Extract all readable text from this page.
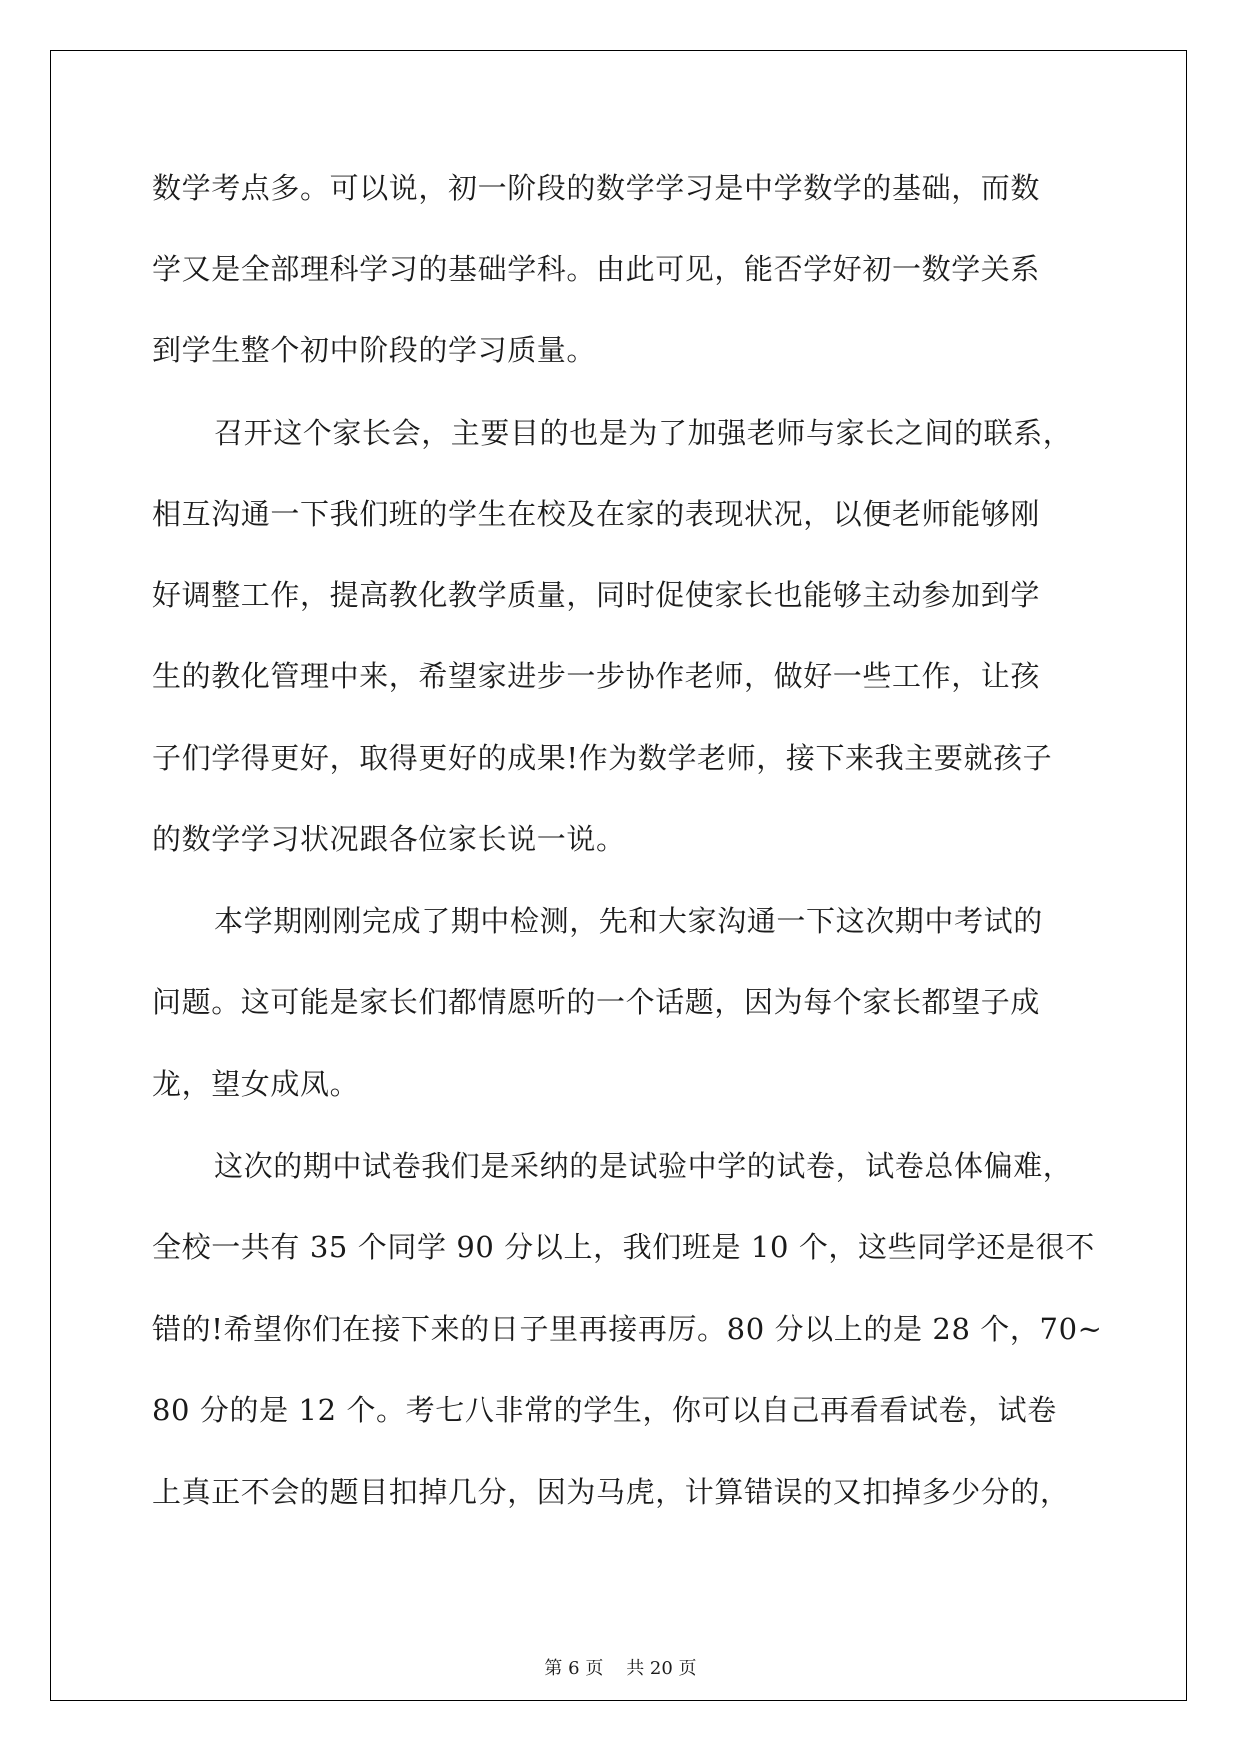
数学考点多。可以说，初一阶段的数学学习是中学数学的基础，而数
学又是全部理科学习的基础学科。由此可见，能否学好初一数学关系
到学生整个初中阶段的学习质量。
召开这个家长会，主要目的也是为了加强老师与家长之间的联系，
相互沟通一下我们班的学生在校及在家的表现状况，以便老师能够刚
好调整工作，提高教化教学质量，同时促使家长也能够主动参加到学
生的教化管理中来，希望家进步一步协作老师，做好一些工作，让孩
子们学得更好，取得更好的成果!作为数学老师，接下来我主要就孩子
的数学学习状况跟各位家长说一说。
本学期刚刚完成了期中检测，先和大家沟通一下这次期中考试的
问题。这可能是家长们都情愿听的一个话题，因为每个家长都望子成
龙，望女成凤。
这次的期中试卷我们是采纳的是试验中学的试卷，试卷总体偏难，
全校一共有 35 个同学 90 分以上，我们班是 10 个，这些同学还是很不
错的!希望你们在接下来的日子里再接再厉。80 分以上的是 28 个，70~
80 分的是 12 个。考七八非常的学生，你可以自己再看看试卷，试卷
上真正不会的题目扣掉几分，因为马虎，计算错误的又扣掉多少分的，
第 6 页    共 20 页
